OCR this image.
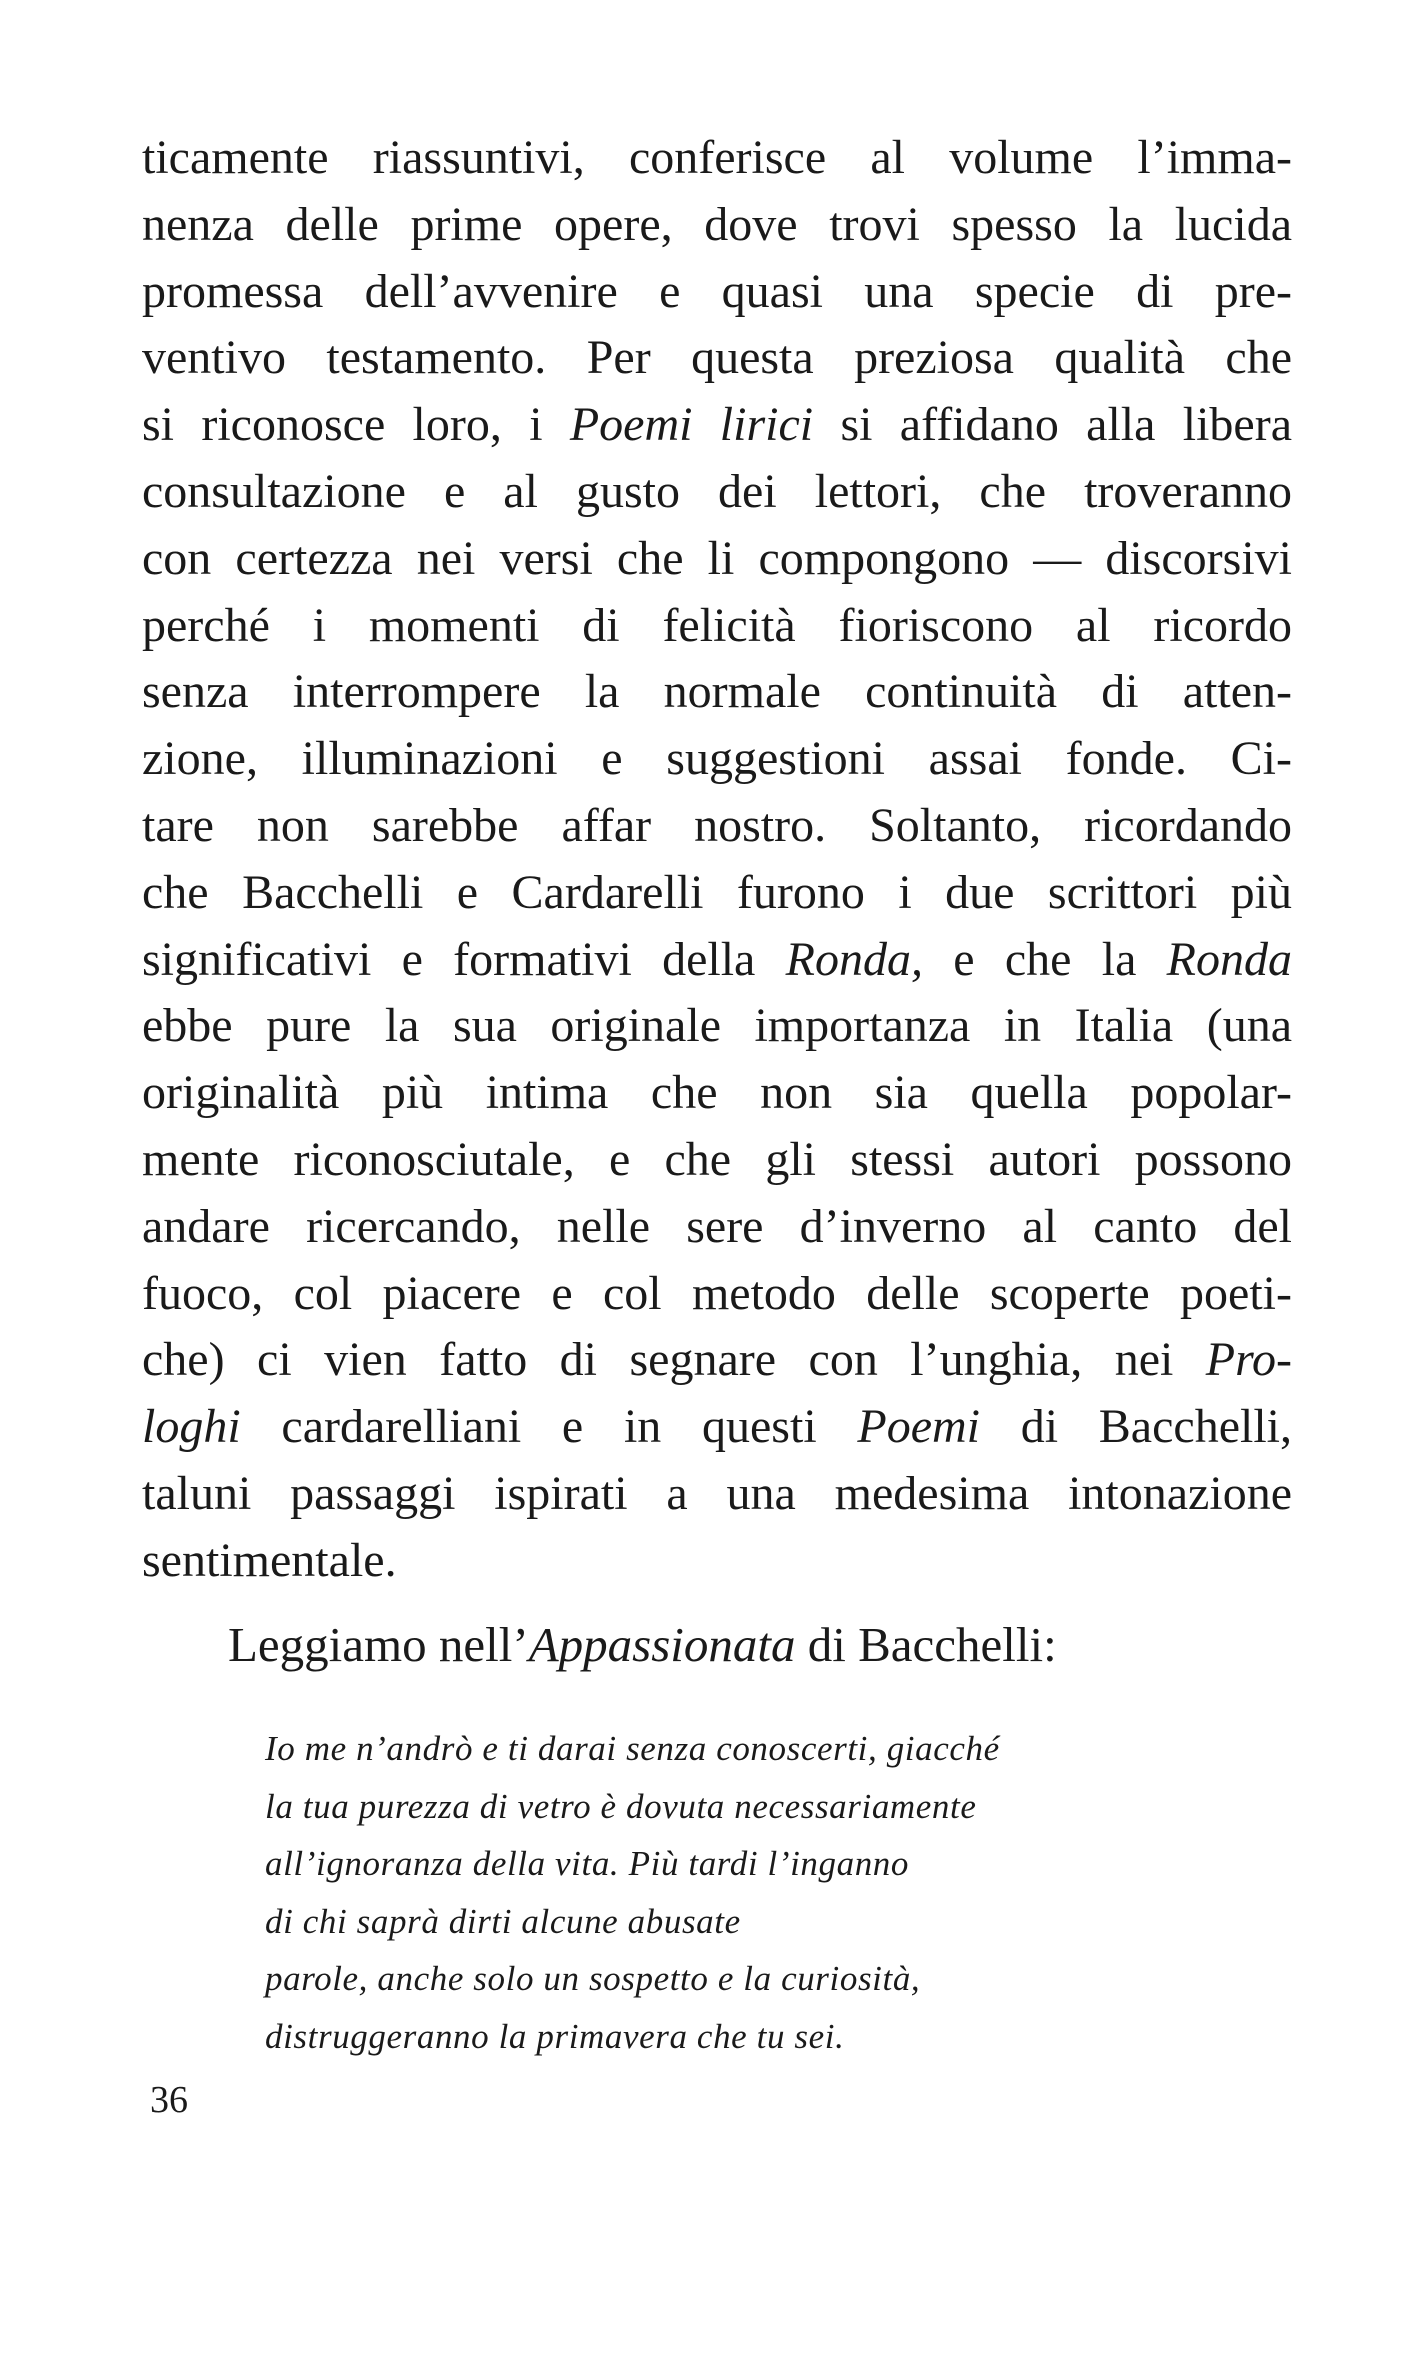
ticamente riassuntivi, conferisce al volume l’imma-
nenza delle prime opere, dove trovi spesso la lucida
promessa dell’avvenire e quasi una specie di pre-
ventivo testamento. Per questa preziosa qualità che
si riconosce loro, i Poemi lirici si affidano alla libera
consultazione e al gusto dei lettori, che troveranno
con certezza nei versi che li compongono — discorsivi
perché i momenti di felicità fioriscono al ricordo
senza interrompere la normale continuità di atten-
zione, illuminazioni e suggestioni assai fonde. Ci-
tare non sarebbe affar nostro. Soltanto, ricordando
che Bacchelli e Cardarelli furono i due scrittori più
significativi e formativi della Ronda, e che la Ronda
ebbe pure la sua originale importanza in Italia (una
originalità più intima che non sia quella popolar-
mente riconosciutale, e che gli stessi autori possono
andare ricercando, nelle sere d’inverno al canto del
fuoco, col piacere e col metodo delle scoperte poeti-
che) ci vien fatto di segnare con l’unghia, nei Pro-
loghi cardarelliani e in questi Poemi di Bacchelli,
taluni passaggi ispirati a una medesima intonazione
sentimentale.
Leggiamo nell’Appassionata di Bacchelli:
Io me n’andrò e ti darai senza conoscerti, giacché
la tua purezza di vetro è dovuta necessariamente
all’ignoranza della vita. Più tardi l’inganno
di chi saprà dirti alcune abusate
parole, anche solo un sospetto e la curiosità,
distruggeranno la primavera che tu sei.
36
